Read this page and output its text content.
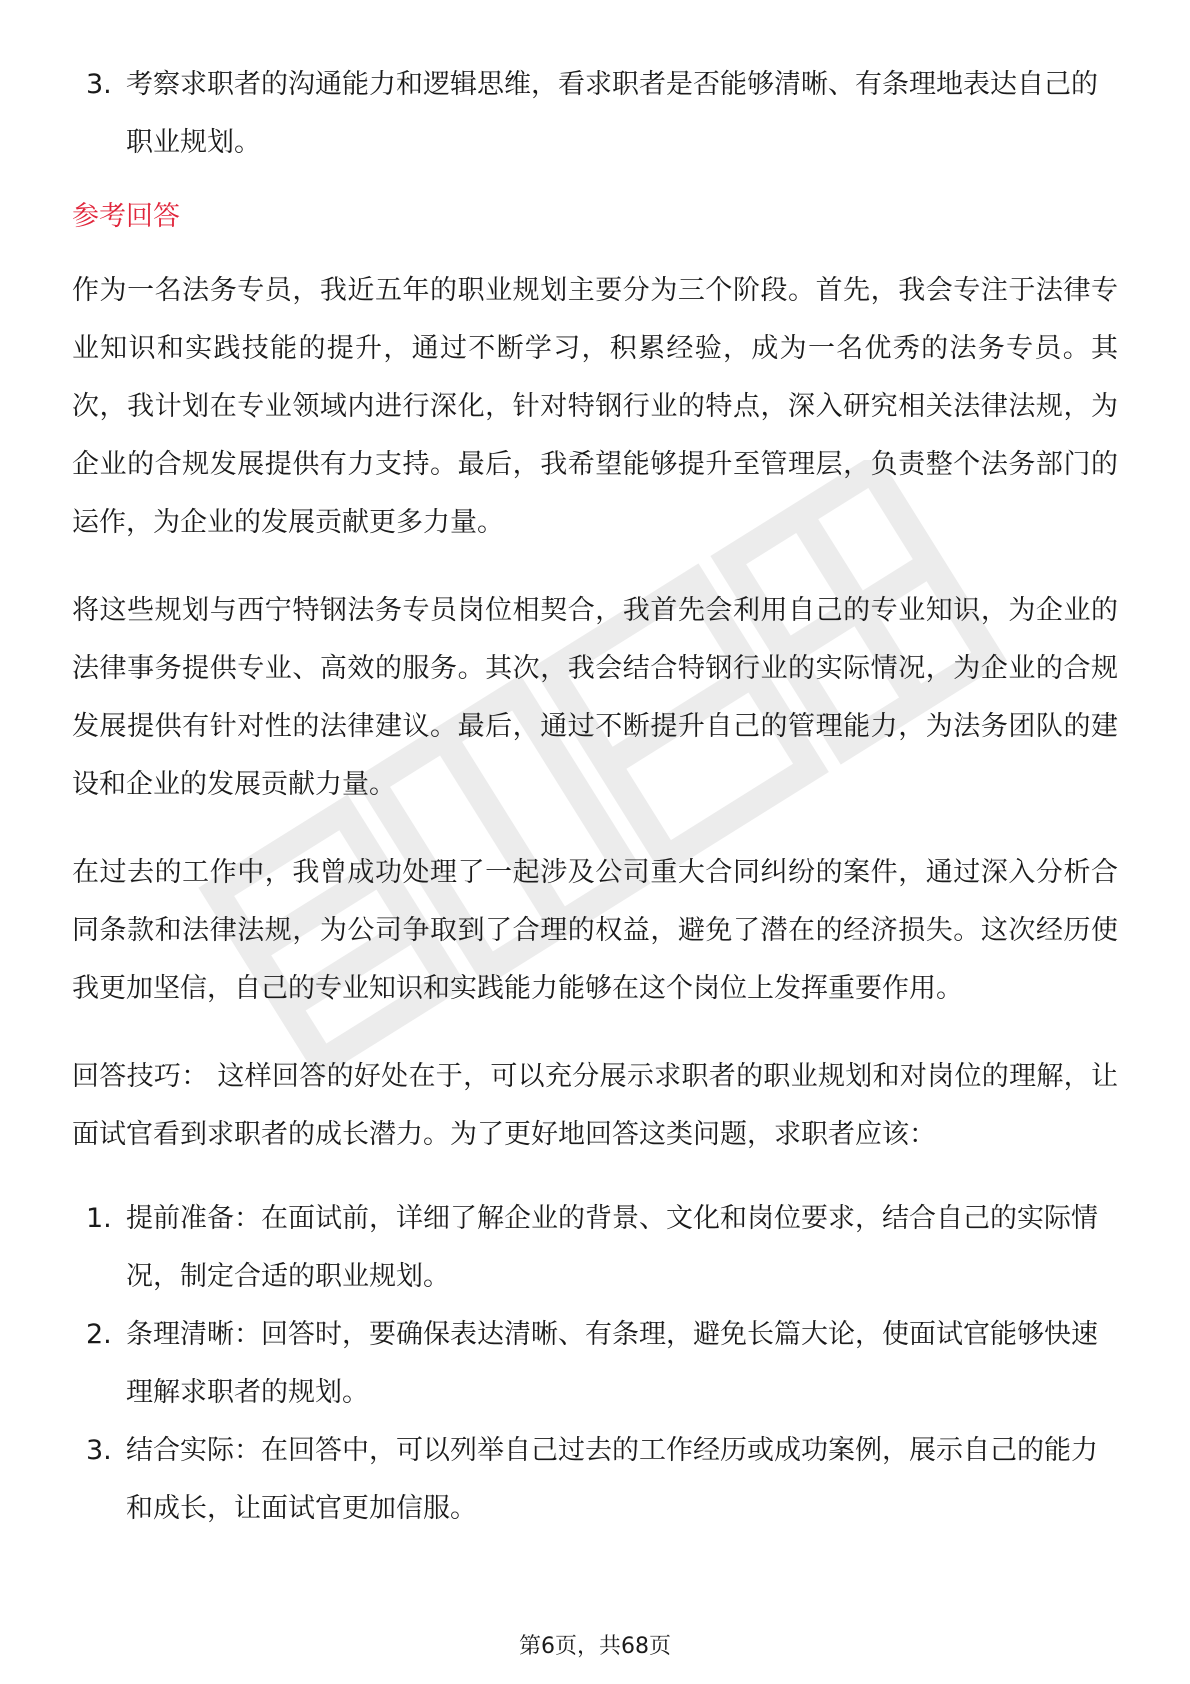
3. 考察求职者的沟通能力和逻辑思维，看求职者是否能够清晰、有条理地表达自己的职业规划。
参考回答

作为一名法务专员，我近五年的职业规划主要分为三个阶段。首先，我会专注于法律专业知识和实践技能的提升，通过不断学习，积累经验，成为一名优秀的法务专员。其次，我计划在专业领域内进行深化，针对特钢行业的特点，深入研究相关法律法规，为企业的合规发展提供有力支持。最后，我希望能够提升至管理层，负责整个法务部门的运作，为企业的发展贡献更多力量。

将这些规划与西宁特钢法务专员岗位相契合，我首先会利用自己的专业知识，为企业的法律事务提供专业、高效的服务。其次，我会结合特钢行业的实际情况，为企业的合规发展提供有针对性的法律建议。最后，通过不断提升自己的管理能力，为法务团队的建设和企业的发展贡献力量。

在过去的工作中，我曾成功处理了一起涉及公司重大合同纠纷的案件，通过深入分析合同条款和法律法规，为公司争取到了合理的权益，避免了潜在的经济损失。这次经历使我更加坚信，自己的专业知识和实践能力能够在这个岗位上发挥重要作用。

回答技巧： 这样回答的好处在于，可以充分展示求职者的职业规划和对岗位的理解，让面试官看到求职者的成长潜力。为了更好地回答这类问题，求职者应该：

1. 提前准备：在面试前，详细了解企业的背景、文化和岗位要求，结合自己的实际情况，制定合适的职业规划。
2. 条理清晰：回答时，要确保表达清晰、有条理，避免长篇大论，使面试官能够快速理解求职者的规划。
3. 结合实际：在回答中，可以列举自己过去的工作经历或成功案例，展示自己的能力和成长，让面试官更加信服。
第6页，共68页
